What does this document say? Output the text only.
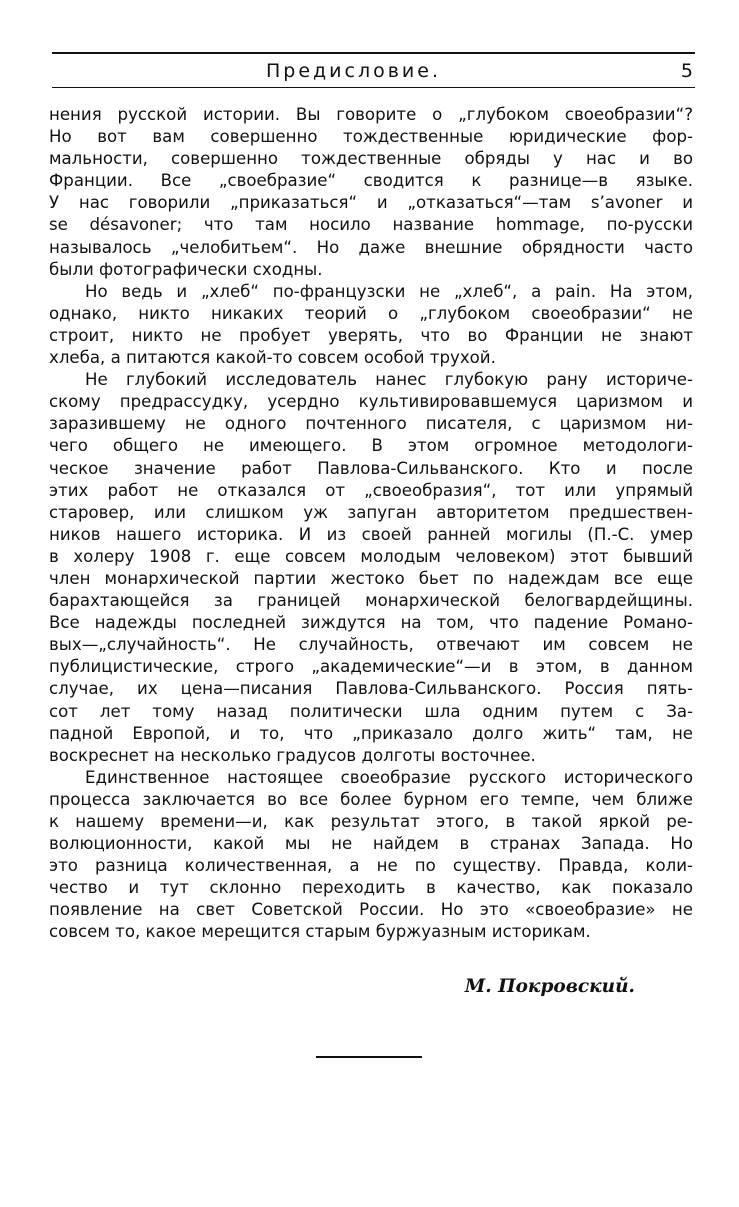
Предисловие.	5
нения русской истории. Вы говорите о „глубоком своеобразии“?
Но вот вам совершенно тождественные юридические фор-
мальности, совершенно тождественные обряды у нас и во
Франции. Все „своебразие“ сводится к разнице—в языке.
У нас говорили „приказаться“ и „отказаться“—там s’avoner и
se désavoner; что там носило название hommage, по-русски
называлось „челобитьем“. Но даже внешние обрядности часто
были фотографически сходны.
Но ведь и „хлеб“ по-французски не „хлеб“, а pain. На этом,
однако, никто никаких теорий о „глубоком своеобразии“ не
строит, никто не пробует уверять, что во Франции не знают
хлеба, а питаются какой-то совсем особой трухой.
Не глубокий исследователь нанес глубокую рану историче-
скому предрассудку, усердно культивировавшемуся царизмом и
заразившему не одного почтенного писателя, с царизмом ни-
чего общего не имеющего. В этом огромное методологи-
ческое значение работ Павлова-Сильванского. Кто и после
этих работ не отказался от „своеобразия“, тот или упрямый
старовер, или слишком уж запуган авторитетом предшествен-
ников нашего историка. И из своей ранней могилы (П.-С. умер
в холеру 1908 г. еще совсем молодым человеком) этот бывший
член монархической партии жестоко бьет по надеждам все еще
барахтающейся за границей монархической белогвардейщины.
Все надежды последней зиждутся на том, что падение Романо-
вых—„случайность“. Не случайность, отвечают им совсем не
публицистические, строго „академические“—и в этом, в данном
случае, их цена—писания Павлова-Сильванского. Россия пять-
сот лет тому назад политически шла одним путем с За-
падной Европой, и то, что „приказало долго жить“ там, не
воскреснет на несколько градусов долготы восточнее.
Единственное настоящее своеобразие русского исторического
процесса заключается во все более бурном его темпе, чем ближе
к нашему времени—и, как результат этого, в такой яркой ре-
волюционности, какой мы не найдем в странах Запада. Но
это разница количественная, а не по существу. Правда, коли-
чество и тут склонно переходить в качество, как показало
появление на свет Советской России. Но это «своеобразие» не
совсем то, какое мерещится старым буржуазным историкам.
М. Покровский.
